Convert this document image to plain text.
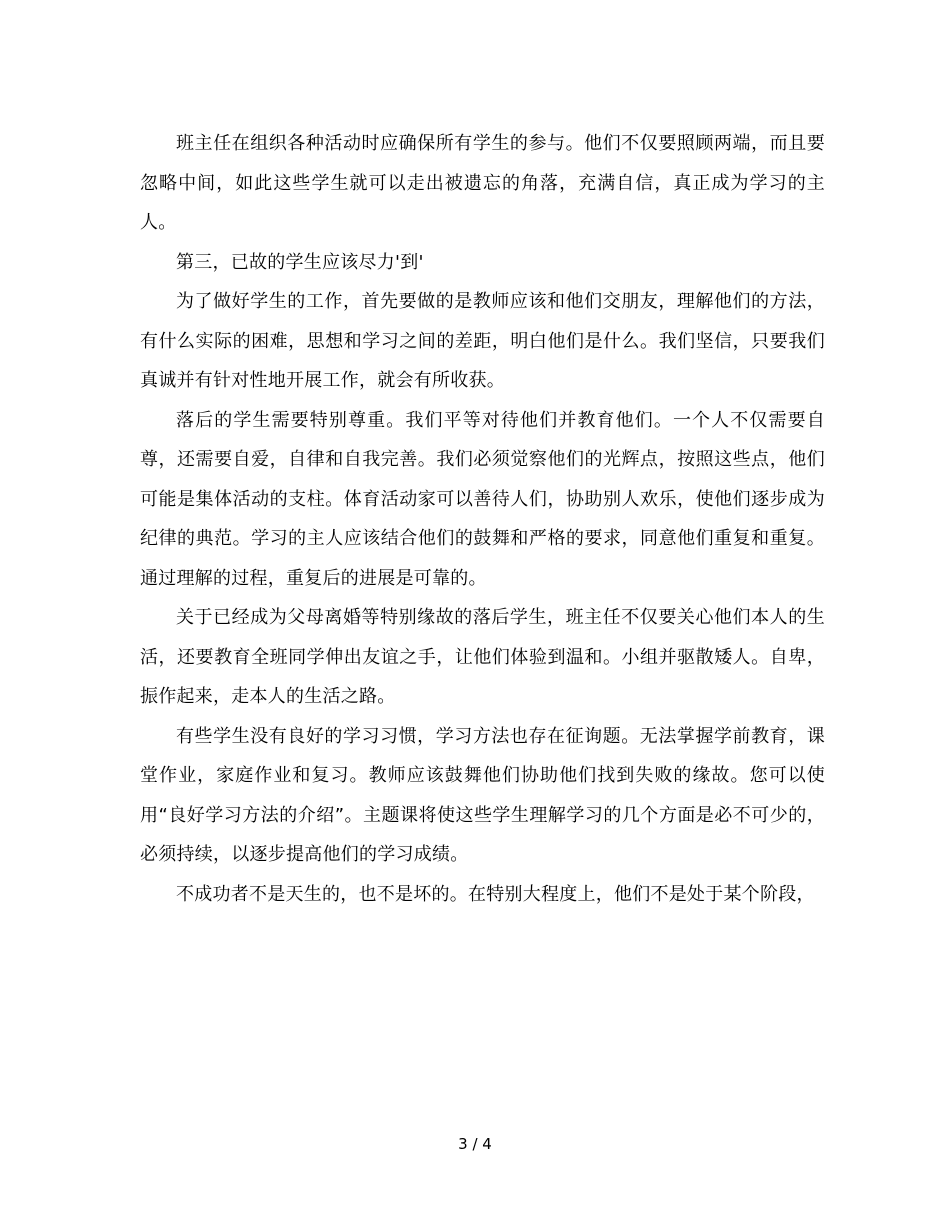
班主任在组织各种活动时应确保所有学生的参与。他们不仅要照顾两端，而且要忽略中间，如此这些学生就可以走出被遗忘的角落，充满自信，真正成为学习的主人。

第三，已故的学生应该尽力'到'

为了做好学生的工作，首先要做的是教师应该和他们交朋友，理解他们的方法，有什么实际的困难，思想和学习之间的差距，明白他们是什么。我们坚信，只要我们真诚并有针对性地开展工作，就会有所收获。

落后的学生需要特别尊重。我们平等对待他们并教育他们。一个人不仅需要自尊，还需要自爱，自律和自我完善。我们必须觉察他们的光辉点，按照这些点，他们可能是集体活动的支柱。体育活动家可以善待人们，协助别人欢乐，使他们逐步成为纪律的典范。学习的主人应该结合他们的鼓舞和严格的要求，同意他们重复和重复。通过理解的过程，重复后的进展是可靠的。

关于已经成为父母离婚等特别缘故的落后学生，班主任不仅要关心他们本人的生活，还要教育全班同学伸出友谊之手，让他们体验到温和。小组并驱散矮人。自卑，振作起来，走本人的生活之路。

有些学生没有良好的学习习惯，学习方法也存在征询题。无法掌握学前教育，课堂作业，家庭作业和复习。教师应该鼓舞他们协助他们找到失败的缘故。您可以使用“良好学习方法的介绍”。主题课将使这些学生理解学习的几个方面是必不可少的，必须持续，以逐步提高他们的学习成绩。

不成功者不是天生的，也不是坏的。在特别大程度上，他们不是处于某个阶段，

3 / 4
